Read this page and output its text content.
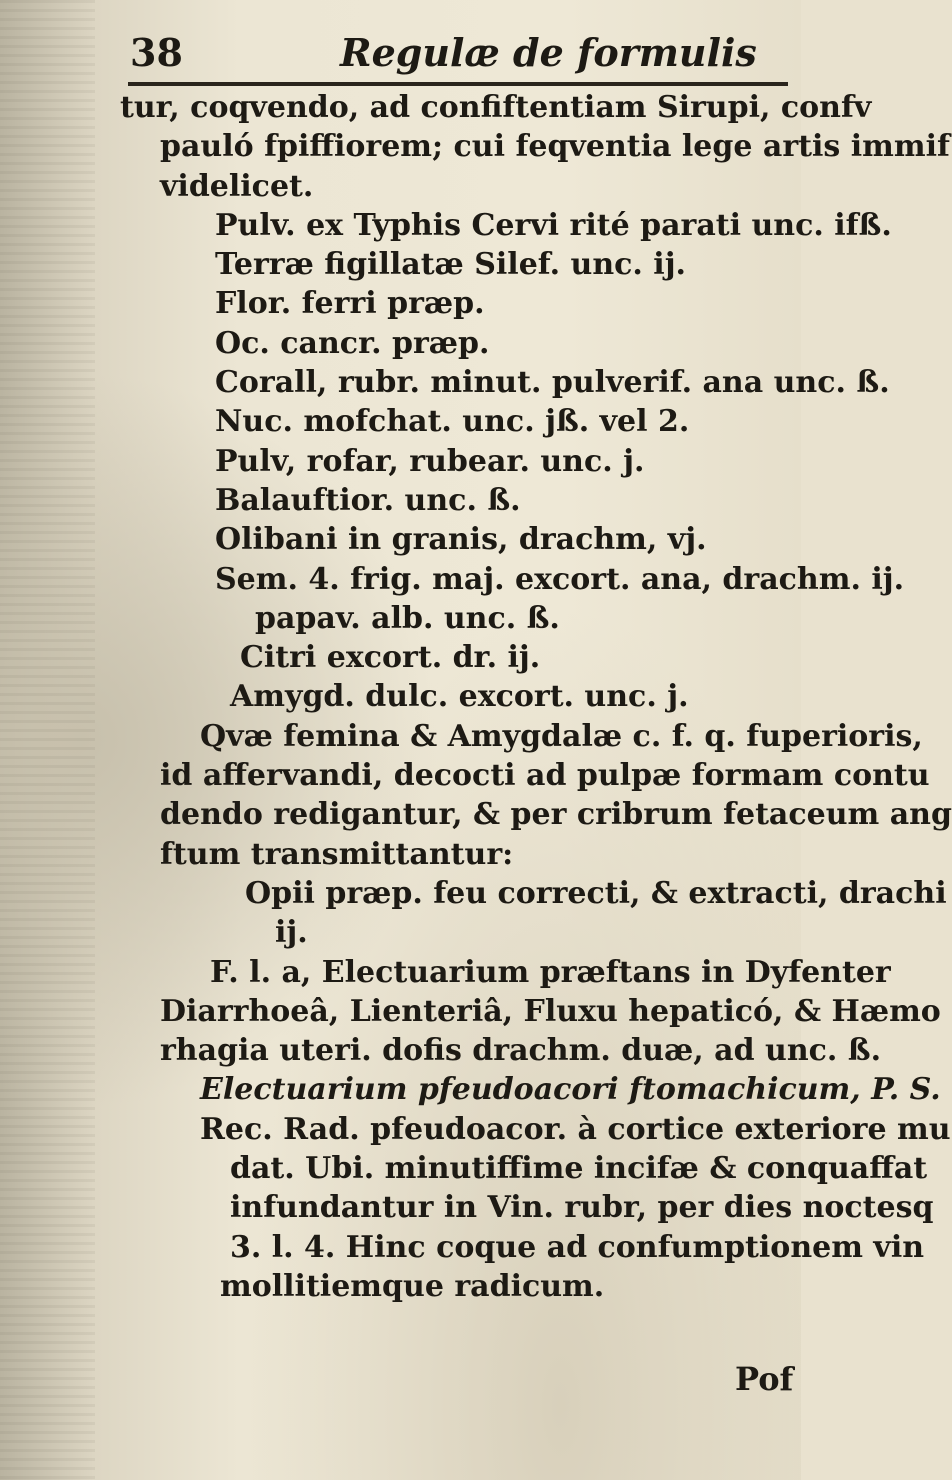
38	Regulæ de formulis
tur, coqvendo, ad confiftentiam Sirupi, confv
pauló fpiffiorem; cui feqventia lege artis immif
videlicet.
Pulv. ex Typhis Cervi rité parati unc. ifß.
Terræ figillatæ Silef. unc. ij.
Flor. ferri præp.
Oc. cancr. præp.
Corall, rubr. minut. pulverif. ana unc. ß.
Nuc. mofchat. unc. jß. vel 2.
Pulv, rofar, rubear. unc. j.
Balauftior. unc. ß.
Olibani in granis, drachm, vj.
Sem. 4. frig. maj. excort. ana, drachm. ij.
papav. alb. unc. ß.
Citri excort. dr. ij.
Amygd. dulc. excort. unc. j.
Qvæ femina & Amygdalæ c. f. q. fuperioris,
id affervandi, decocti ad pulpæ formam contu
dendo redigantur, & per cribrum fetaceum ang
ftum transmittantur:
Opii præp. feu correcti, & extracti, drachi
ij.
F. l. a, Electuarium præftans in Dyfenter
Diarrhoeâ, Lienteriâ, Fluxu hepaticó, & Hæmo
rhagia uteri. dofis drachm. duæ, ad unc. ß.
Electuarium pfeudoacori ftomachicum, P. S.
Rec. Rad. pfeudoacor. à cortice exteriore mu
dat. Ubi. minutiffime incifæ & conquaffat
infundantur in Vin. rubr, per dies noctesq
3. l. 4. Hinc coque ad confumptionem vin
mollitiemque radicum.
Pof
